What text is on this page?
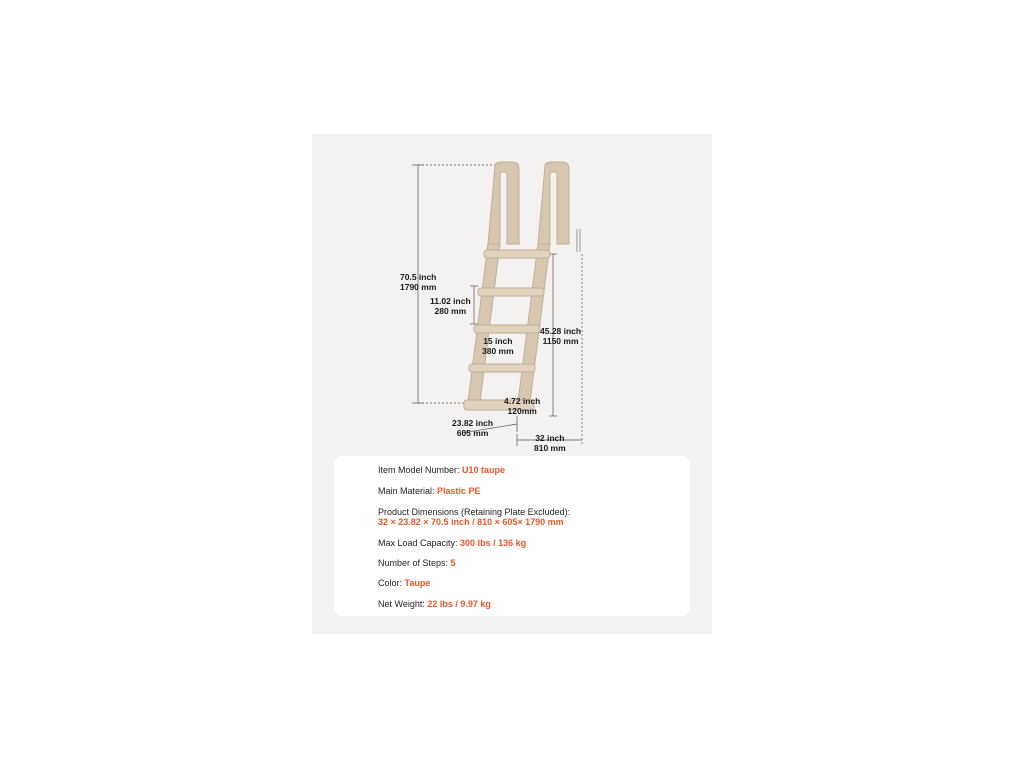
70.5 inch
1790 mm
11.02 inch
280 mm
15 inch
380 mm
45.28 inch
1150 mm
4.72 inch
120mm
23.82 inch
605 mm	32 inch
810 mm
Item Model Number: U10 taupe
Main Material: Plastic PE
Product Dimensions (Retaining Plate Excluded):
32 × 23.82 × 70.5 inch / 810 × 605× 1790 mm
Max Load Capacity: 300 lbs / 136 kg
Number of Steps: 5
Color: Taupe
Net Weight: 22 lbs / 9.97 kg
